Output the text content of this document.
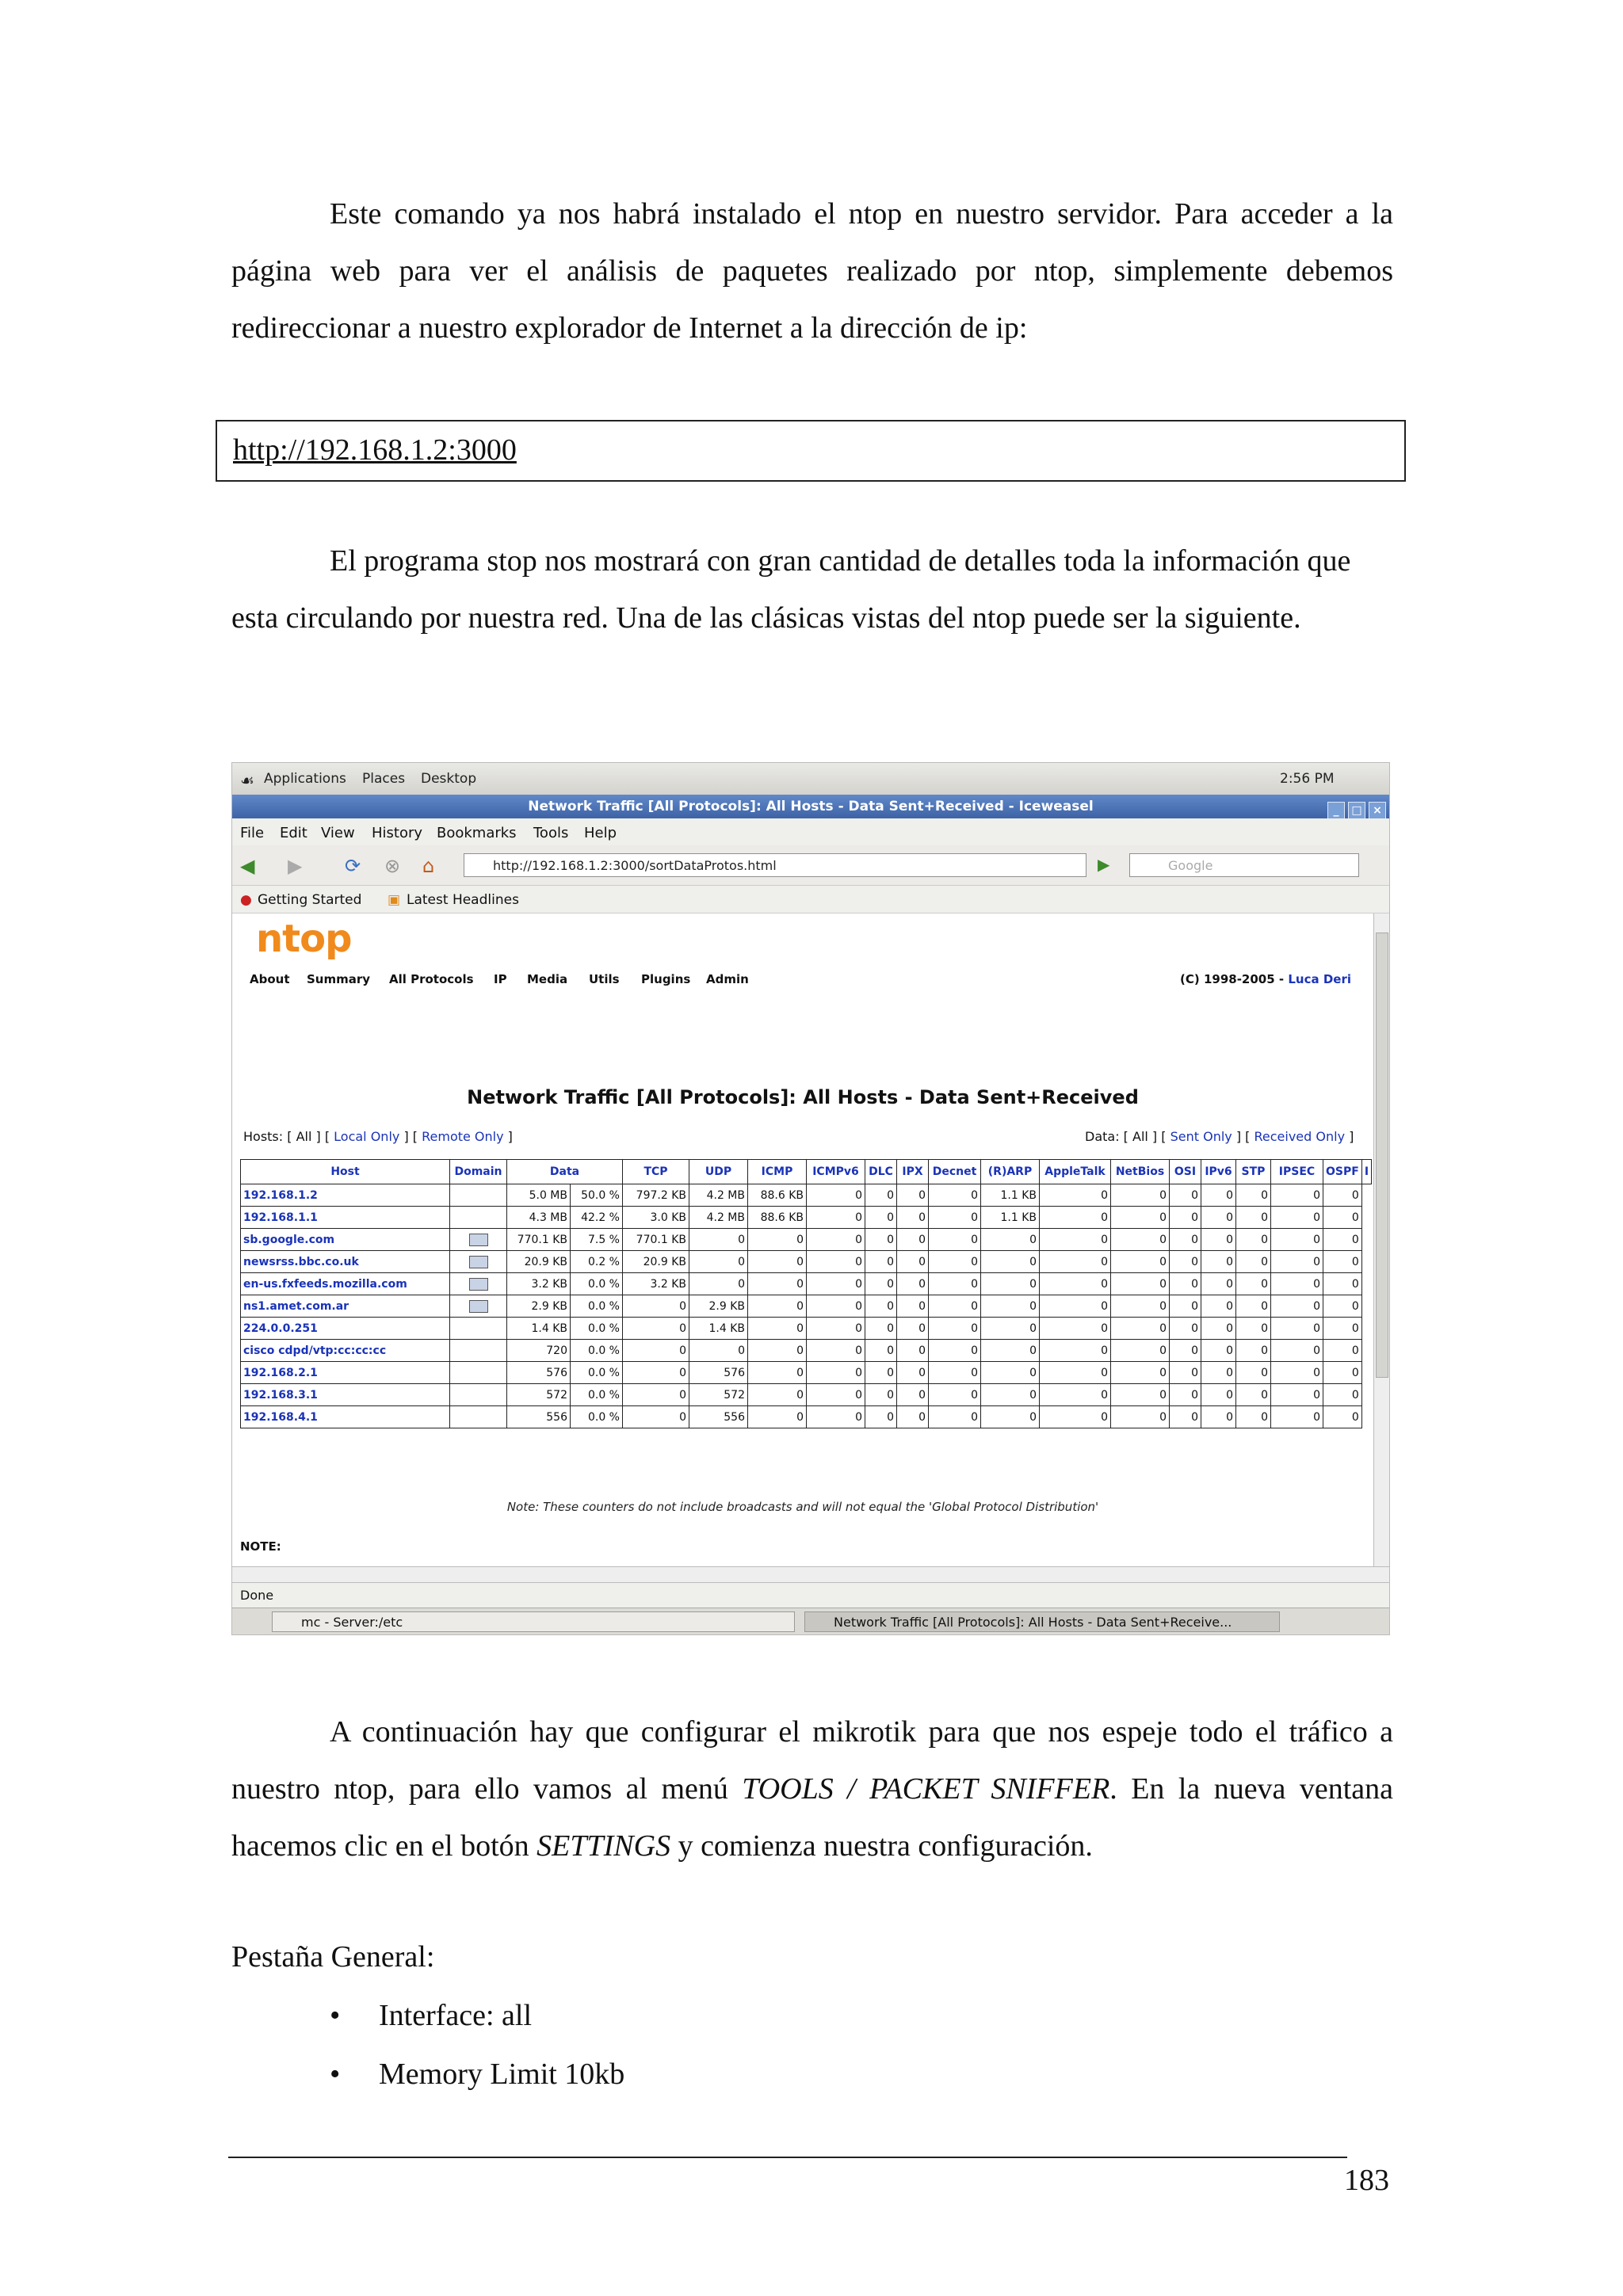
Este comando ya nos habrá instalado el ntop en nuestro servidor. Para acceder a la página web para ver el análisis de paquetes realizado por ntop, simplemente debemos redireccionar a nuestro explorador de Internet a la dirección de ip:

http://192.168.1.2:3000

El programa stop nos mostrará con gran cantidad de detalles toda la información que esta circulando por nuestra red. Una de las clásicas vistas del ntop puede ser la siguiente.

☙ Applications Places Desktop	2:56 PM
Network Traffic [All Protocols]: All Hosts - Data Sent+Received - Iceweasel	_ □ ×
File Edit View History Bookmarks Tools Help
◀ ▶ ⟳ ⊗ ⌂	http://192.168.1.2:3000/sortDataProtos.html	▶	Google
● Getting Started ▣ Latest Headlines
ntop
About Summary All Protocols IP Media Utils Plugins Admin	(C) 1998-2005 - Luca Deri
Network Traffic [All Protocols]: All Hosts - Data Sent+Received
Hosts: [ All ] [ Local Only ] [ Remote Only ]	Data: [ All ] [ Sent Only ] [ Received Only ]
Host	Domain	Data		TCP	UDP	ICMP	ICMPv6	DLC	IPX	Decnet	(R)ARP	AppleTalk	NetBios	OSI	IPv6	STP	IPSEC	OSPF	I
192.168.1.2		5.0 MB	50.0 %	797.2 KB	4.2 MB	88.6 KB	0	0	0	0	1.1 KB	0	0	0	0	0	0	0	
192.168.1.1		4.3 MB	42.2 %	3.0 KB	4.2 MB	88.6 KB	0	0	0	0	1.1 KB	0	0	0	0	0	0	0	
sb.google.com		770.1 KB	7.5 %	770.1 KB	0	0	0	0	0	0	0	0	0	0	0	0	0	0	
newsrss.bbc.co.uk		20.9 KB	0.2 %	20.9 KB	0	0	0	0	0	0	0	0	0	0	0	0	0	0	
en-us.fxfeeds.mozilla.com		3.2 KB	0.0 %	3.2 KB	0	0	0	0	0	0	0	0	0	0	0	0	0	0	
ns1.amet.com.ar		2.9 KB	0.0 %	0	2.9 KB	0	0	0	0	0	0	0	0	0	0	0	0	0	
224.0.0.251		1.4 KB	0.0 %	0	1.4 KB	0	0	0	0	0	0	0	0	0	0	0	0	0	
cisco cdpd/vtp:cc:cc:cc		720	0.0 %	0	0	0	0	0	0	0	0	0	0	0	0	0	0	0	
192.168.2.1		576	0.0 %	0	576	0	0	0	0	0	0	0	0	0	0	0	0	0	
192.168.3.1		572	0.0 %	0	572	0	0	0	0	0	0	0	0	0	0	0	0	0	
192.168.4.1		556	0.0 %	0	556	0	0	0	0	0	0	0	0	0	0	0	0	0	
Note: These counters do not include broadcasts and will not equal the 'Global Protocol Distribution'
NOTE:
Done
mc - Server:/etc	Network Traffic [All Protocols]: All Hosts - Data Sent+Receive...

A continuación hay que configurar el mikrotik para que nos espeje todo el tráfico a nuestro ntop, para ello vamos al menú TOOLS / PACKET SNIFFER. En la nueva ventana hacemos clic en el botón SETTINGS y comienza nuestra configuración.

Pestaña General:

• Interface: all
• Memory Limit 10kb
183
